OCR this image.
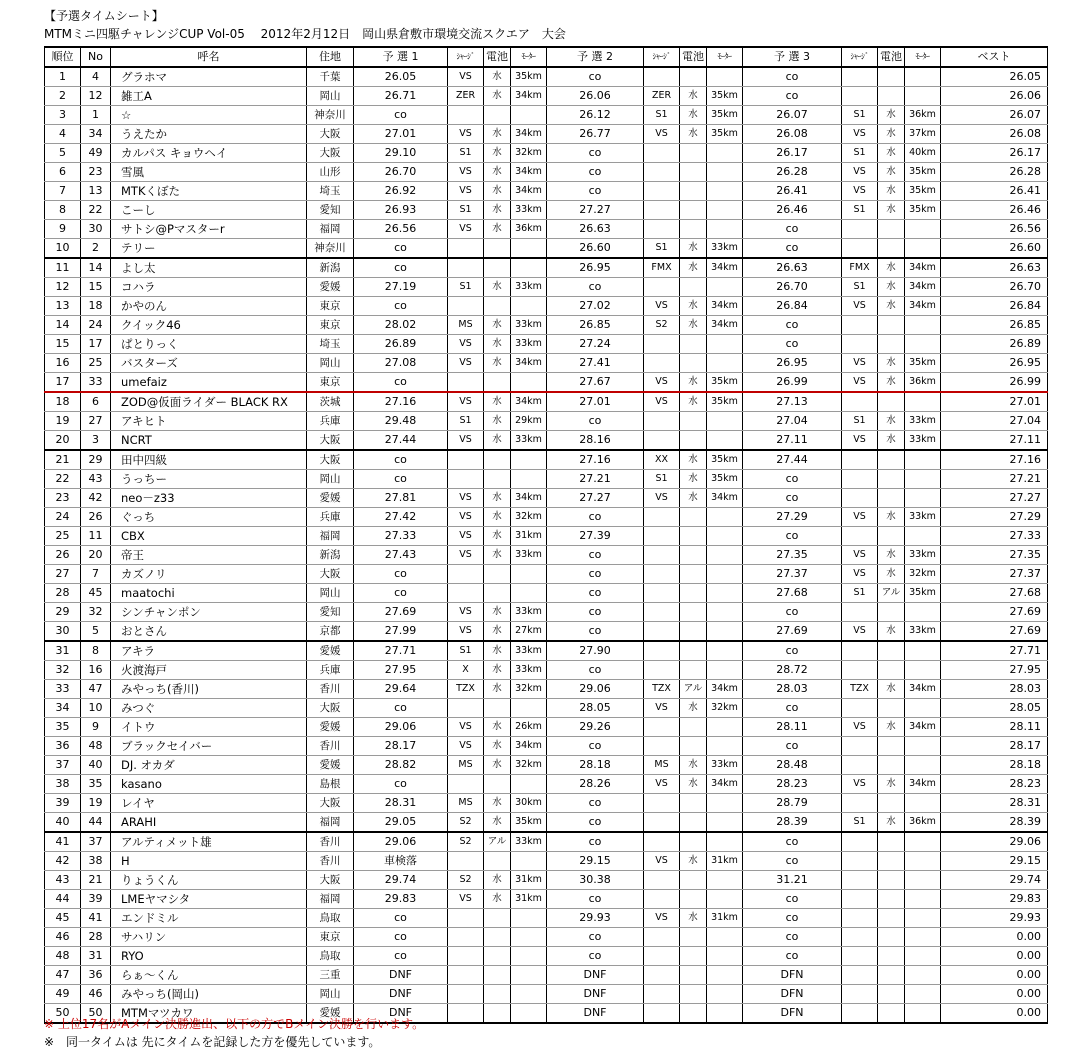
【予選タイムシート】
MTMミニ四駆チャレンジCUP Vol-05　 2012年2月12日　岡山県倉敷市環境交流スクエア　大会
順位	No	呼名	住地	予 選 1	ｼｬｰｼﾞ	電池	ﾓｰﾀｰ	予 選 2	ｼｬｰｼﾞ	電池	ﾓｰﾀｰ	予 選 3	ｼｬｰｼﾞ	電池	ﾓｰﾀｰ	ベスト
1	4	グラホマ	千葉	26.05	VS	水	35km	co				co				26.05
2	12	雑工A	岡山	26.71	ZER	水	34km	26.06	ZER	水	35km	co				26.06
3	1	☆	神奈川	co				26.12	S1	水	35km	26.07	S1	水	36km	26.07
4	34	うえたか	大阪	27.01	VS	水	34km	26.77	VS	水	35km	26.08	VS	水	37km	26.08
5	49	カルパス キョウヘイ	大阪	29.10	S1	水	32km	co				26.17	S1	水	40km	26.17
6	23	雪風	山形	26.70	VS	水	34km	co				26.28	VS	水	35km	26.28
7	13	MTKくぼた	埼玉	26.92	VS	水	34km	co				26.41	VS	水	35km	26.41
8	22	こーし	愛知	26.93	S1	水	33km	27.27				26.46	S1	水	35km	26.46
9	30	サトシ@Pマスターr	福岡	26.56	VS	水	36km	26.63				co				26.56
10	2	テリー	神奈川	co				26.60	S1	水	33km	co				26.60
11	14	よし太	新潟	co				26.95	FMX	水	34km	26.63	FMX	水	34km	26.63
12	15	コハラ	愛媛	27.19	S1	水	33km	co				26.70	S1	水	34km	26.70
13	18	かやのん	東京	co				27.02	VS	水	34km	26.84	VS	水	34km	26.84
14	24	クイック46	東京	28.02	MS	水	33km	26.85	S2	水	34km	co				26.85
15	17	ぱとりっく	埼玉	26.89	VS	水	33km	27.24				co				26.89
16	25	バスターズ	岡山	27.08	VS	水	34km	27.41				26.95	VS	水	35km	26.95
17	33	umefaiz	東京	co				27.67	VS	水	35km	26.99	VS	水	36km	26.99
18	6	ZOD@仮面ライダー BLACK RX	茨城	27.16	VS	水	34km	27.01	VS	水	35km	27.13				27.01
19	27	アキヒト	兵庫	29.48	S1	水	29km	co				27.04	S1	水	33km	27.04
20	3	NCRT	大阪	27.44	VS	水	33km	28.16				27.11	VS	水	33km	27.11
21	29	田中四級	大阪	co				27.16	XX	水	35km	27.44				27.16
22	43	うっちー	岡山	co				27.21	S1	水	35km	co				27.21
23	42	neo－z33	愛媛	27.81	VS	水	34km	27.27	VS	水	34km	co				27.27
24	26	ぐっち	兵庫	27.42	VS	水	32km	co				27.29	VS	水	33km	27.29
25	11	CBX	福岡	27.33	VS	水	31km	27.39				co				27.33
26	20	帝王	新潟	27.43	VS	水	33km	co				27.35	VS	水	33km	27.35
27	7	カズノリ	大阪	co				co				27.37	VS	水	32km	27.37
28	45	maatochi	岡山	co				co				27.68	S1	アル	35km	27.68
29	32	シンチャンポン	愛知	27.69	VS	水	33km	co				co				27.69
30	5	おとさん	京都	27.99	VS	水	27km	co				27.69	VS	水	33km	27.69
31	8	アキラ	愛媛	27.71	S1	水	33km	27.90				co				27.71
32	16	火渡海戸	兵庫	27.95	X	水	33km	co				28.72				27.95
33	47	みやっち(香川)	香川	29.64	TZX	水	32km	29.06	TZX	アル	34km	28.03	TZX	水	34km	28.03
34	10	みつぐ	大阪	co				28.05	VS	水	32km	co				28.05
35	9	イトウ	愛媛	29.06	VS	水	26km	29.26				28.11	VS	水	34km	28.11
36	48	ブラックセイバー	香川	28.17	VS	水	34km	co				co				28.17
37	40	DJ. オカダ	愛媛	28.82	MS	水	32km	28.18	MS	水	33km	28.48				28.18
38	35	kasano	島根	co				28.26	VS	水	34km	28.23	VS	水	34km	28.23
39	19	レイヤ	大阪	28.31	MS	水	30km	co				28.79				28.31
40	44	ARAHI	福岡	29.05	S2	水	35km	co				28.39	S1	水	36km	28.39
41	37	アルティメット雄	香川	29.06	S2	アル	33km	co				co				29.06
42	38	H	香川	車検落				29.15	VS	水	31km	co				29.15
43	21	りょうくん	大阪	29.74	S2	水	31km	30.38				31.21				29.74
44	39	LMEヤマシタ	福岡	29.83	VS	水	31km	co				co				29.83
45	41	エンドミル	鳥取	co				29.93	VS	水	31km	co				29.93
46	28	サハリン	東京	co				co				co				0.00
48	31	RYO	鳥取	co				co				co				0.00
47	36	らぁ～くん	三重	DNF				DNF				DFN				0.00
49	46	みやっち(岡山)	岡山	DNF				DNF				DFN				0.00
50	50	MTMマツカワ	愛媛	DNF				DNF				DFN				0.00
※ 上位17名がAメイン決勝進出、以下の方でBメイン決勝を行います。
※　同一タイムは 先にタイムを記録した方を優先しています。
